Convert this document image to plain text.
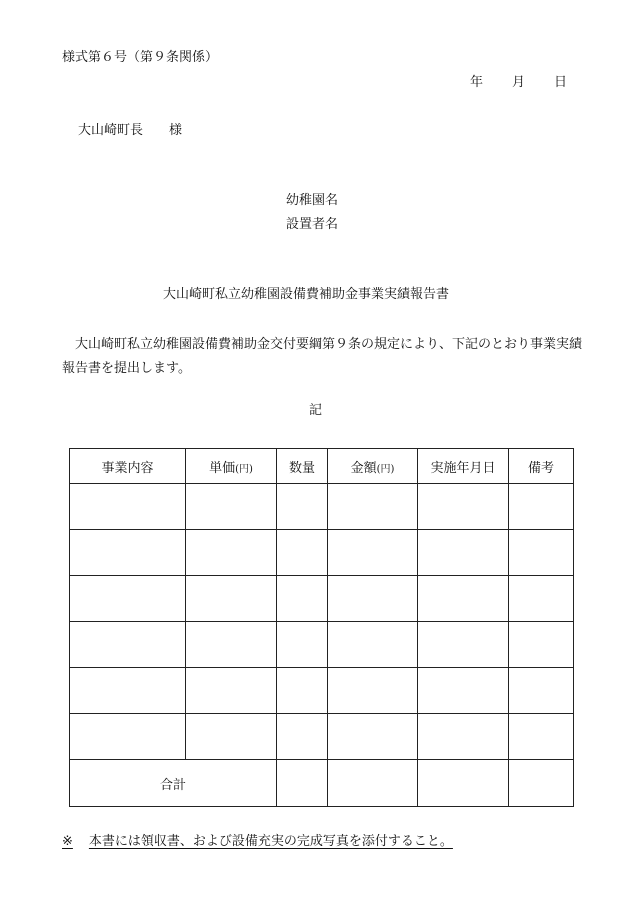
様式第６号（第９条関係）
年 月 日
大山崎町長　　様
幼稚園名
設置者名
大山崎町私立幼稚園設備費補助金事業実績報告書
大山崎町私立幼稚園設備費補助金交付要綱第９条の規定により、下記のとおり事業実績報告書を提出します。
記
事業内容	単価(円)	数量	金額(円)	実施年月日	備考

合計					
※ 本書には領収書、および設備充実の完成写真を添付すること。
